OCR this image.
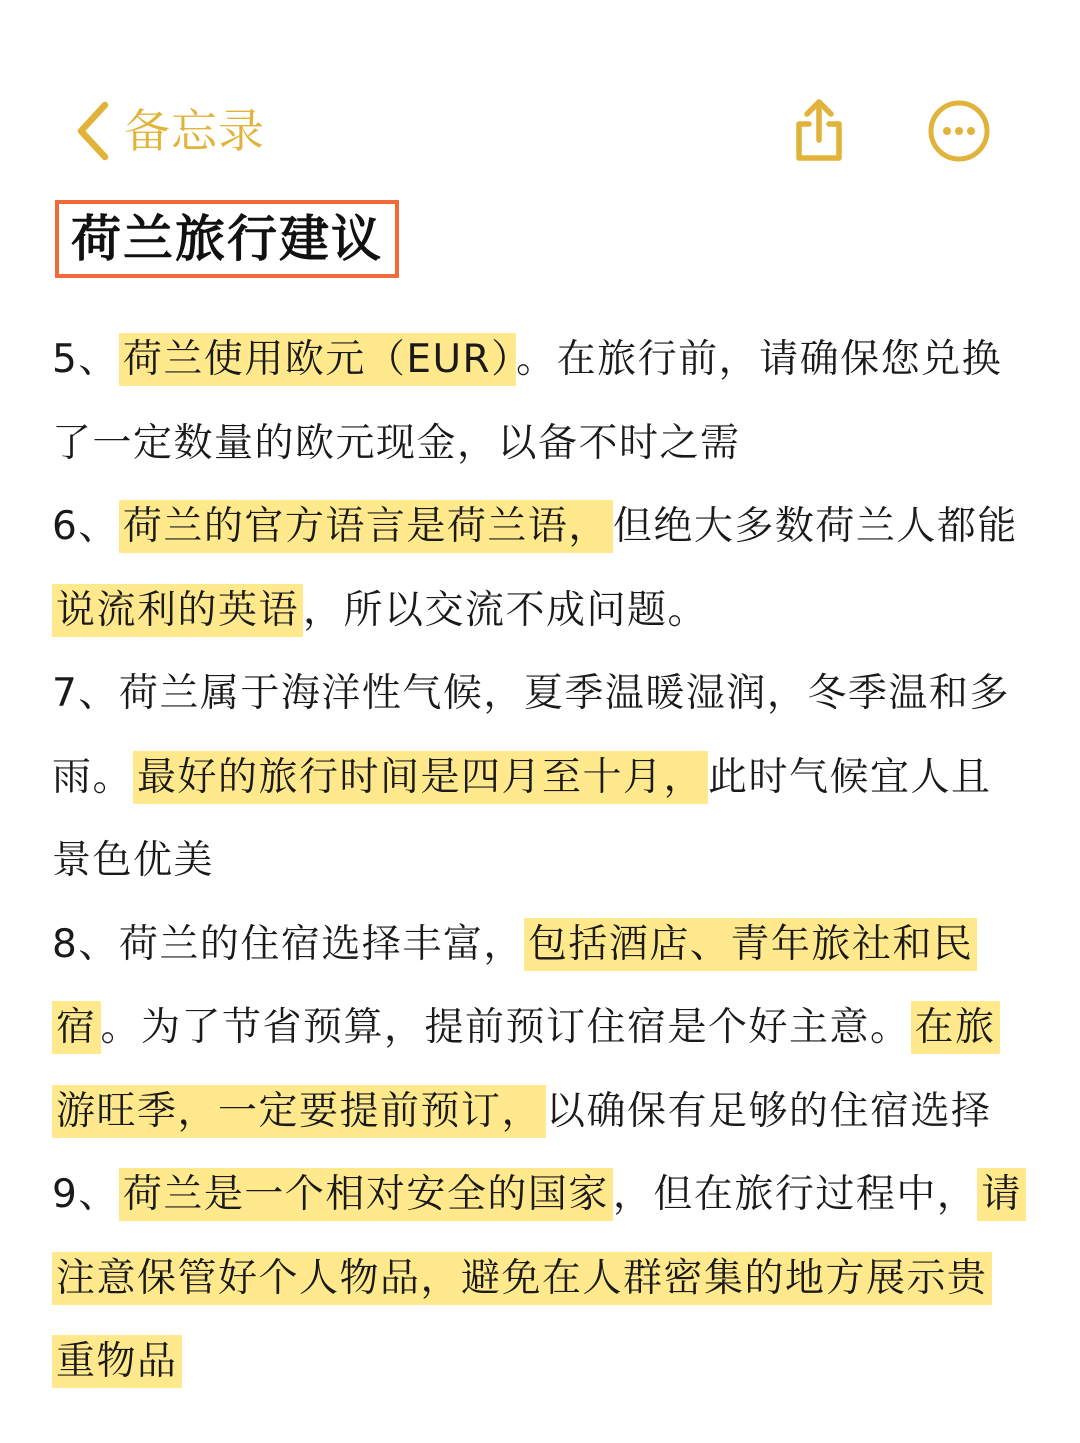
备忘录
荷兰旅行建议

5、 荷兰使用欧元（EUR） 。在旅行前，请确保您兑换了一定数量的欧元现金，以备不时之需

6、 荷兰的官方语言是荷兰语， 但绝大多数荷兰人都能说流利的英语 ，所以交流不成问题。

7、荷兰属于海洋性气候，夏季温暖湿润，冬季温和多雨。 最好的旅行时间是四月至十月， 此时气候宜人且景色优美

8、荷兰的住宿选择丰富， 包括酒店、青年旅社和民宿 。为了节省预算，提前预订住宿是个好主意。 在旅游旺季，一定要提前预订， 以确保有足够的住宿选择

9、 荷兰是一个相对安全的国家 ，但在旅行过程中， 请注意保管好个人物品，避免在人群密集的地方展示贵重物品
